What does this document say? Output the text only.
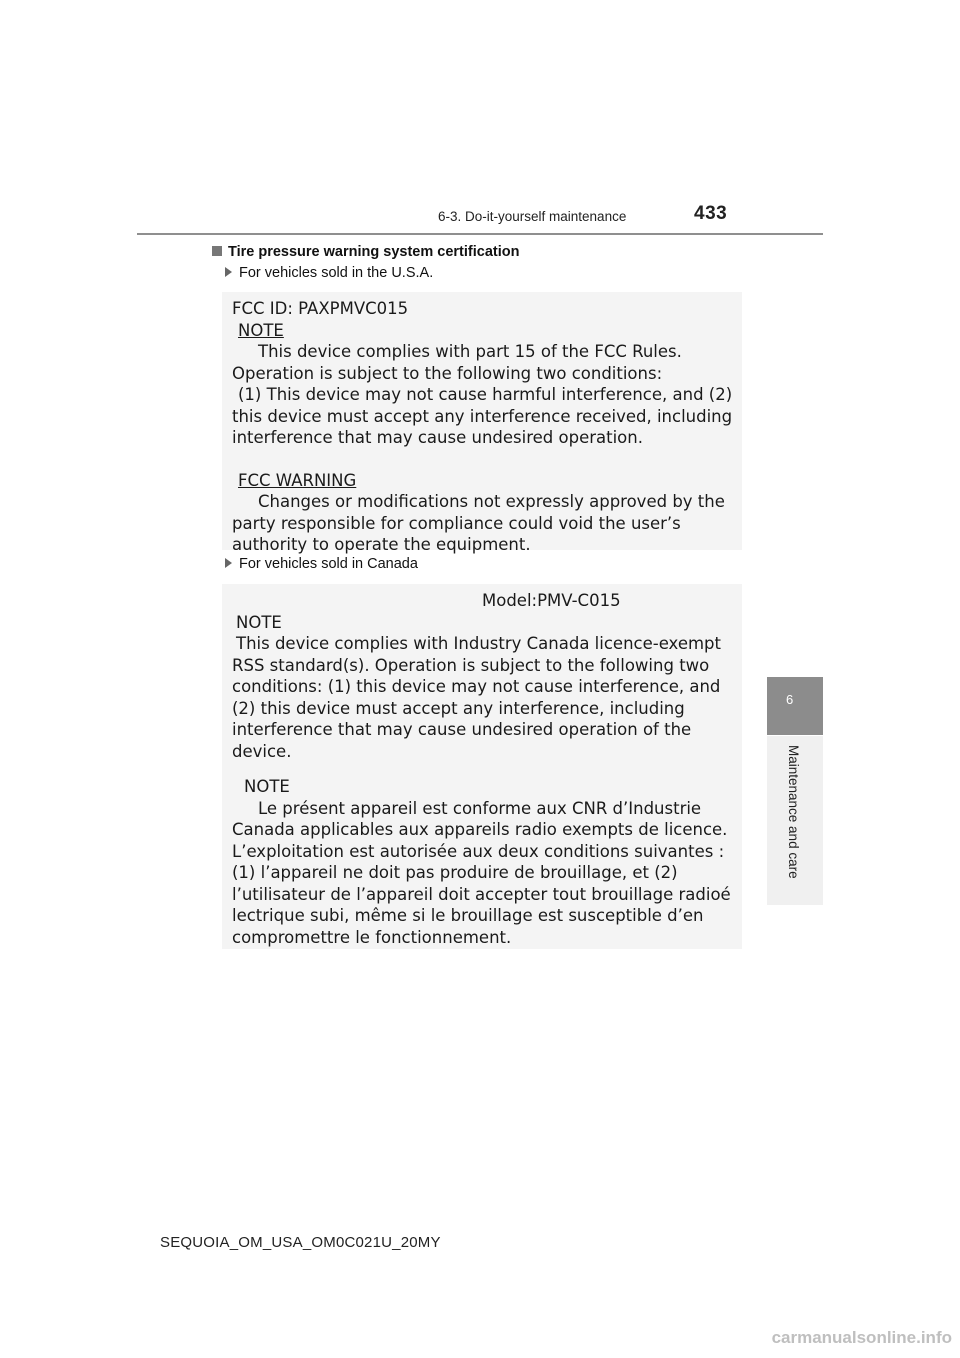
6-3. Do-it-yourself maintenance	433
6
Maintenance and care
Tire pressure warning system certification
For vehicles sold in the U.S.A.
FCC ID: PAXPMVC015
NOTE
This device complies with part 15 of the FCC Rules.
Operation is subject to the following two conditions:
(1) This device may not cause harmful interference, and (2)
this device must accept any interference received, including
interference that may cause undesired operation.
FCC WARNING
Changes or modifications not expressly approved by the
party responsible for compliance could void the user’s
authority to operate the equipment.
For vehicles sold in Canada
Model:PMV-C015
NOTE
This device complies with Industry Canada licence-exempt
RSS standard(s). Operation is subject to the following two
conditions: (1) this device may not cause interference, and
(2) this device must accept any interference, including
interference that may cause undesired operation of the
device.
NOTE
Le présent appareil est conforme aux CNR d’Industrie
Canada applicables aux appareils radio exempts de licence.
L’exploitation est autorisée aux deux conditions suivantes :
(1) l’appareil ne doit pas produire de brouillage, et (2)
l’utilisateur de l’appareil doit accepter tout brouillage radioé
lectrique subi, même si le brouillage est susceptible d’en
compromettre le fonctionnement.
SEQUOIA_OM_USA_OM0C021U_20MY
carmanualsonline.info
